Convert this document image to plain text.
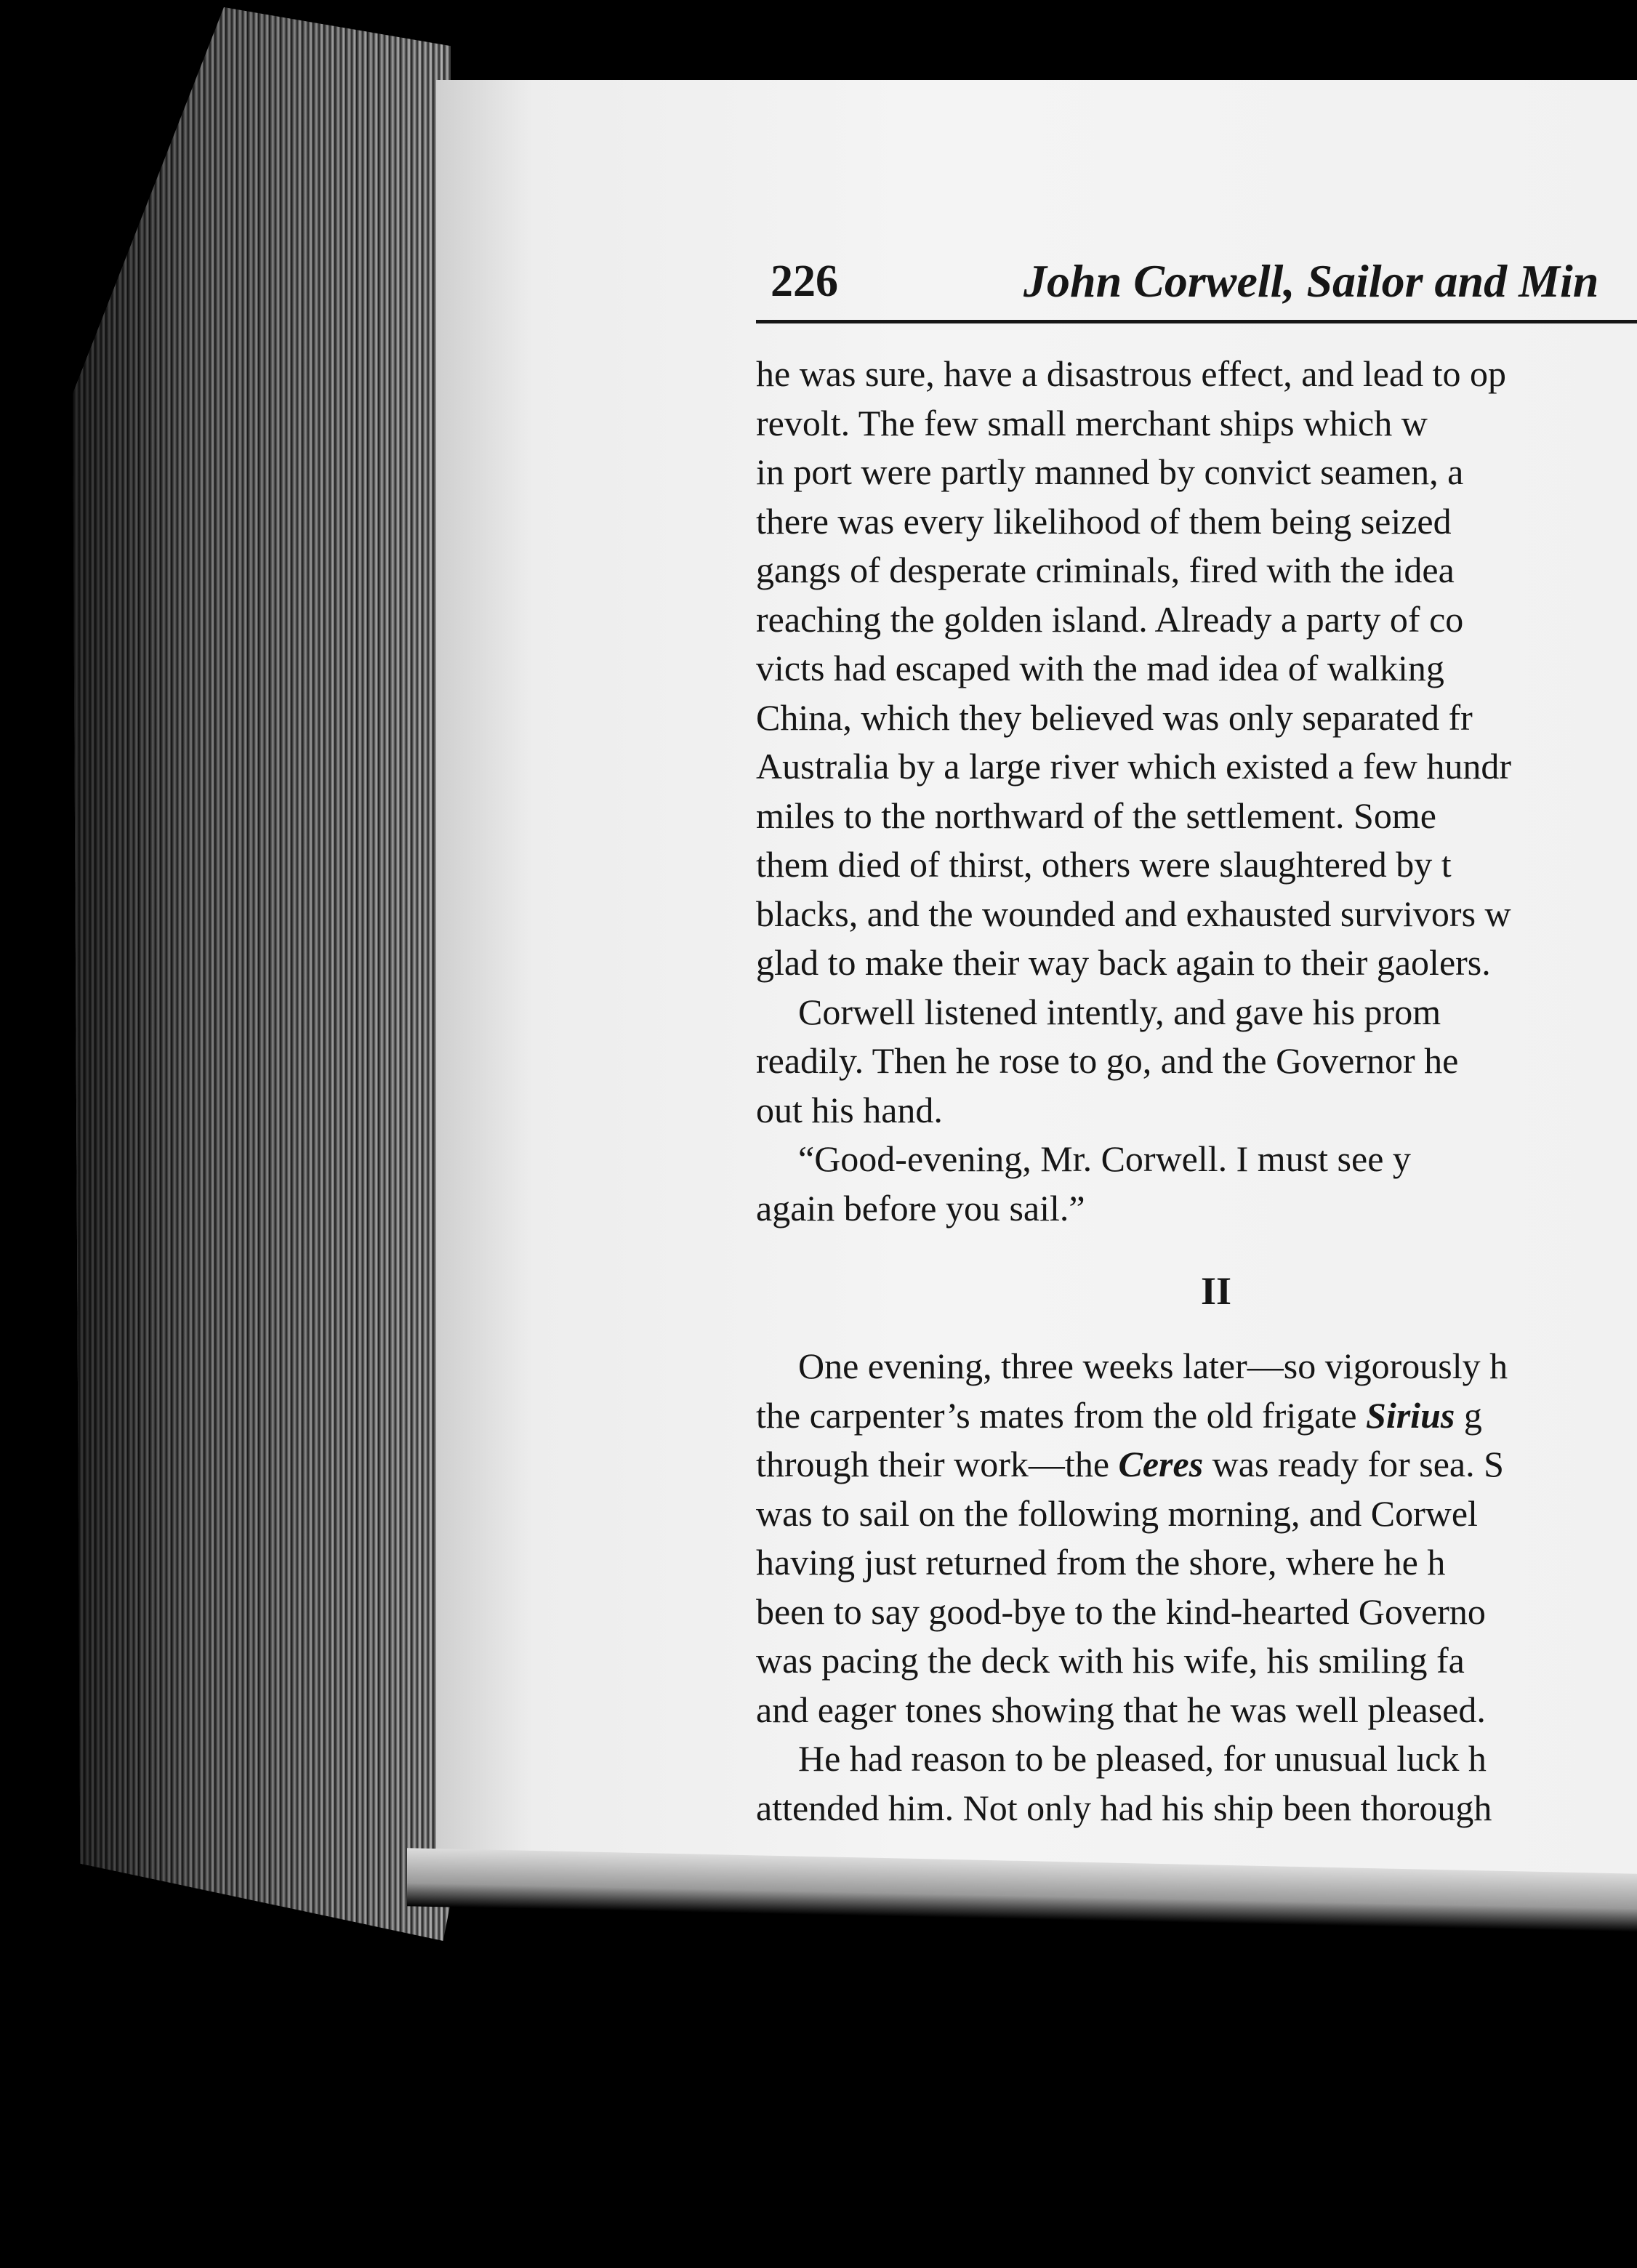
226	John Corwell, Sailor and Min

he was sure, have a disastrous effect, and lead to op
revolt. The few small merchant ships which w
in port were partly manned by convict seamen, a
there was every likelihood of them being seized
gangs of desperate criminals, fired with the idea
reaching the golden island. Already a party of co
victs had escaped with the mad idea of walking
China, which they believed was only separated fr
Australia by a large river which existed a few hundr
miles to the northward of the settlement. Some
them died of thirst, others were slaughtered by t
blacks, and the wounded and exhausted survivors w
glad to make their way back again to their gaolers.

Corwell listened intently, and gave his prom
readily. Then he rose to go, and the Governor he
out his hand.

“Good-evening, Mr. Corwell. I must see y
again before you sail.”

II

One evening, three weeks later—so vigorously h
the carpenter’s mates from the old frigate Sirius g
through their work—the Ceres was ready for sea. S
was to sail on the following morning, and Corwel
having just returned from the shore, where he h
been to say good-bye to the kind-hearted Governo
was pacing the deck with his wife, his smiling fa
and eager tones showing that he was well pleased.

He had reason to be pleased, for unusual luck h
attended him. Not only had his ship been thorough
